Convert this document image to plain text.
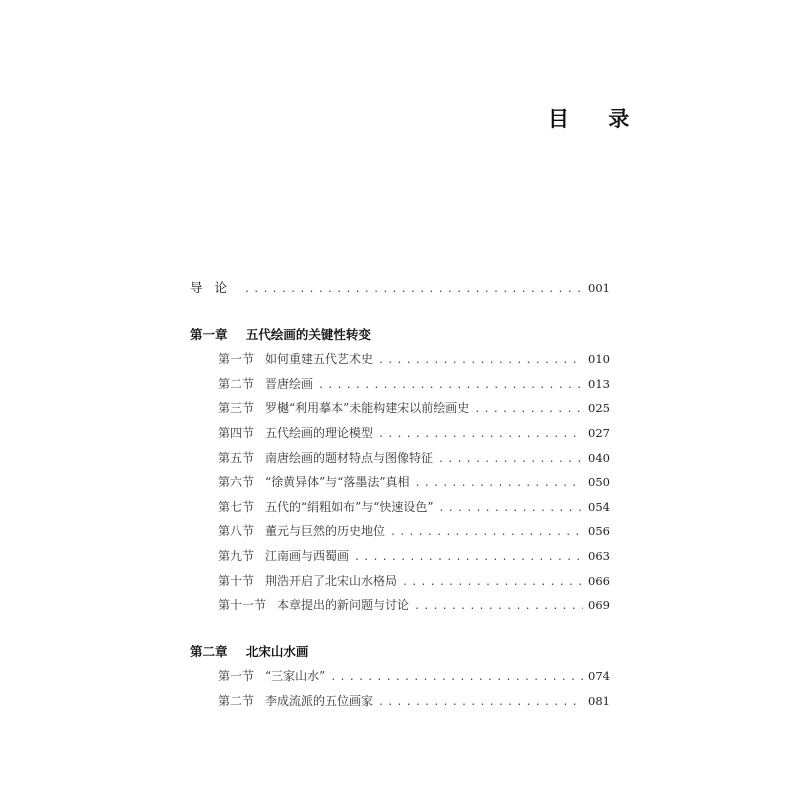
目 录
导论 .....	001
第一章 五代绘画的关键性转变
第一节 如何重建五代艺术史 .....	010
第二节 晋唐绘画 .....	013
第三节 罗樾“利用摹本”未能构建宋以前绘画史 .....	025
第四节 五代绘画的理论模型 .....	027
第五节 南唐绘画的题材特点与图像特征 .....	040
第六节 “徐黄异体”与“落墨法”真相 .....	050
第七节 五代的“绢粗如布”与“快速设色” .....	054
第八节 董元与巨然的历史地位 .....	056
第九节 江南画与西蜀画 .....	063
第十节 荆浩开启了北宋山水格局 .....	066
第十一节 本章提出的新问题与讨论 .....	069
第二章 北宋山水画
第一节 “三家山水” .....	074
第二节 李成流派的五位画家 .....	081
